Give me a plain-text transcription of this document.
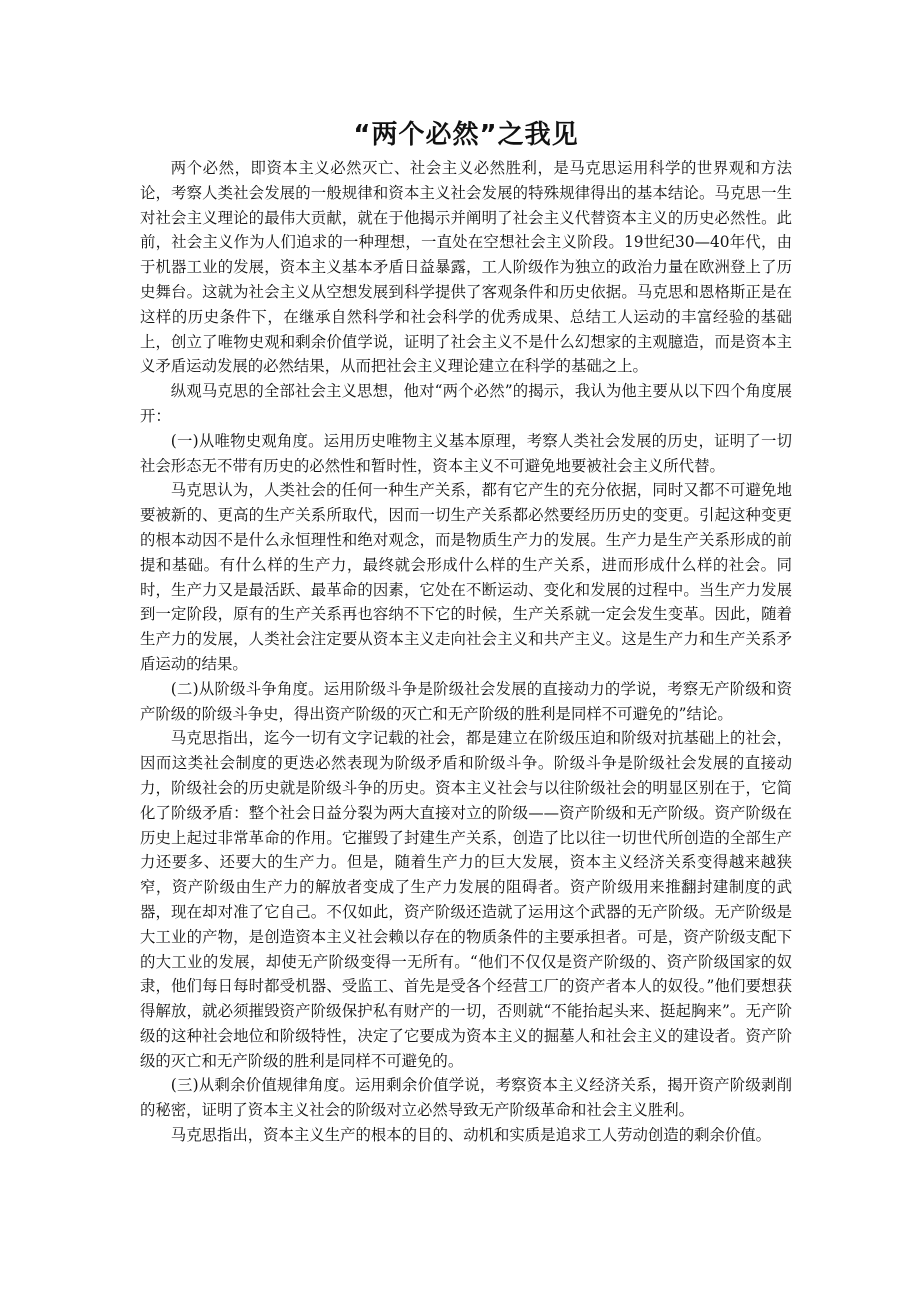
“两个必然”之我见

两个必然，即资本主义必然灭亡、社会主义必然胜利，是马克思运用科学的世界观和方法论，考察人类社会发展的一般规律和资本主义社会发展的特殊规律得出的基本结论。马克思一生对社会主义理论的最伟大贡献，就在于他揭示并阐明了社会主义代替资本主义的历史必然性。此前，社会主义作为人们追求的一种理想，一直处在空想社会主义阶段。19世纪30—40年代，由于机器工业的发展，资本主义基本矛盾日益暴露，工人阶级作为独立的政治力量在欧洲登上了历史舞台。这就为社会主义从空想发展到科学提供了客观条件和历史依据。马克思和恩格斯正是在这样的历史条件下，在继承自然科学和社会科学的优秀成果、总结工人运动的丰富经验的基础上，创立了唯物史观和剩余价值学说，证明了社会主义不是什么幻想家的主观臆造，而是资本主义矛盾运动发展的必然结果，从而把社会主义理论建立在科学的基础之上。

纵观马克思的全部社会主义思想，他对“两个必然”的揭示，我认为他主要从以下四个角度展开：

(一)从唯物史观角度。运用历史唯物主义基本原理，考察人类社会发展的历史，证明了一切社会形态无不带有历史的必然性和暂时性，资本主义不可避免地要被社会主义所代替。

马克思认为，人类社会的任何一种生产关系，都有它产生的充分依据，同时又都不可避免地要被新的、更高的生产关系所取代，因而一切生产关系都必然要经历历史的变更。引起这种变更的根本动因不是什么永恒理性和绝对观念，而是物质生产力的发展。生产力是生产关系形成的前提和基础。有什么样的生产力，最终就会形成什么样的生产关系，进而形成什么样的社会。同时，生产力又是最活跃、最革命的因素，它处在不断运动、变化和发展的过程中。当生产力发展到一定阶段，原有的生产关系再也容纳不下它的时候，生产关系就一定会发生变革。因此，随着生产力的发展，人类社会注定要从资本主义走向社会主义和共产主义。这是生产力和生产关系矛盾运动的结果。

(二)从阶级斗争角度。运用阶级斗争是阶级社会发展的直接动力的学说，考察无产阶级和资产阶级的阶级斗争史，得出资产阶级的灭亡和无产阶级的胜利是同样不可避免的”结论。

马克思指出，迄今一切有文字记载的社会，都是建立在阶级压迫和阶级对抗基础上的社会，因而这类社会制度的更迭必然表现为阶级矛盾和阶级斗争。阶级斗争是阶级社会发展的直接动力，阶级社会的历史就是阶级斗争的历史。资本主义社会与以往阶级社会的明显区别在于，它简化了阶级矛盾：整个社会日益分裂为两大直接对立的阶级——资产阶级和无产阶级。资产阶级在历史上起过非常革命的作用。它摧毁了封建生产关系，创造了比以往一切世代所创造的全部生产力还要多、还要大的生产力。但是，随着生产力的巨大发展，资本主义经济关系变得越来越狭窄，资产阶级由生产力的解放者变成了生产力发展的阻碍者。资产阶级用来推翻封建制度的武器，现在却对准了它自己。不仅如此，资产阶级还造就了运用这个武器的无产阶级。无产阶级是大工业的产物，是创造资本主义社会赖以存在的物质条件的主要承担者。可是，资产阶级支配下的大工业的发展，却使无产阶级变得一无所有。“他们不仅仅是资产阶级的、资产阶级国家的奴隶，他们每日每时都受机器、受监工、首先是受各个经营工厂的资产者本人的奴役。”他们要想获得解放，就必须摧毁资产阶级保护私有财产的一切，否则就“不能抬起头来、挺起胸来”。无产阶级的这种社会地位和阶级特性，决定了它要成为资本主义的掘墓人和社会主义的建设者。资产阶级的灭亡和无产阶级的胜利是同样不可避免的。

(三)从剩余价值规律角度。运用剩余价值学说，考察资本主义经济关系，揭开资产阶级剥削的秘密，证明了资本主义社会的阶级对立必然导致无产阶级革命和社会主义胜利。

马克思指出，资本主义生产的根本的目的、动机和实质是追求工人劳动创造的剩余价值。
